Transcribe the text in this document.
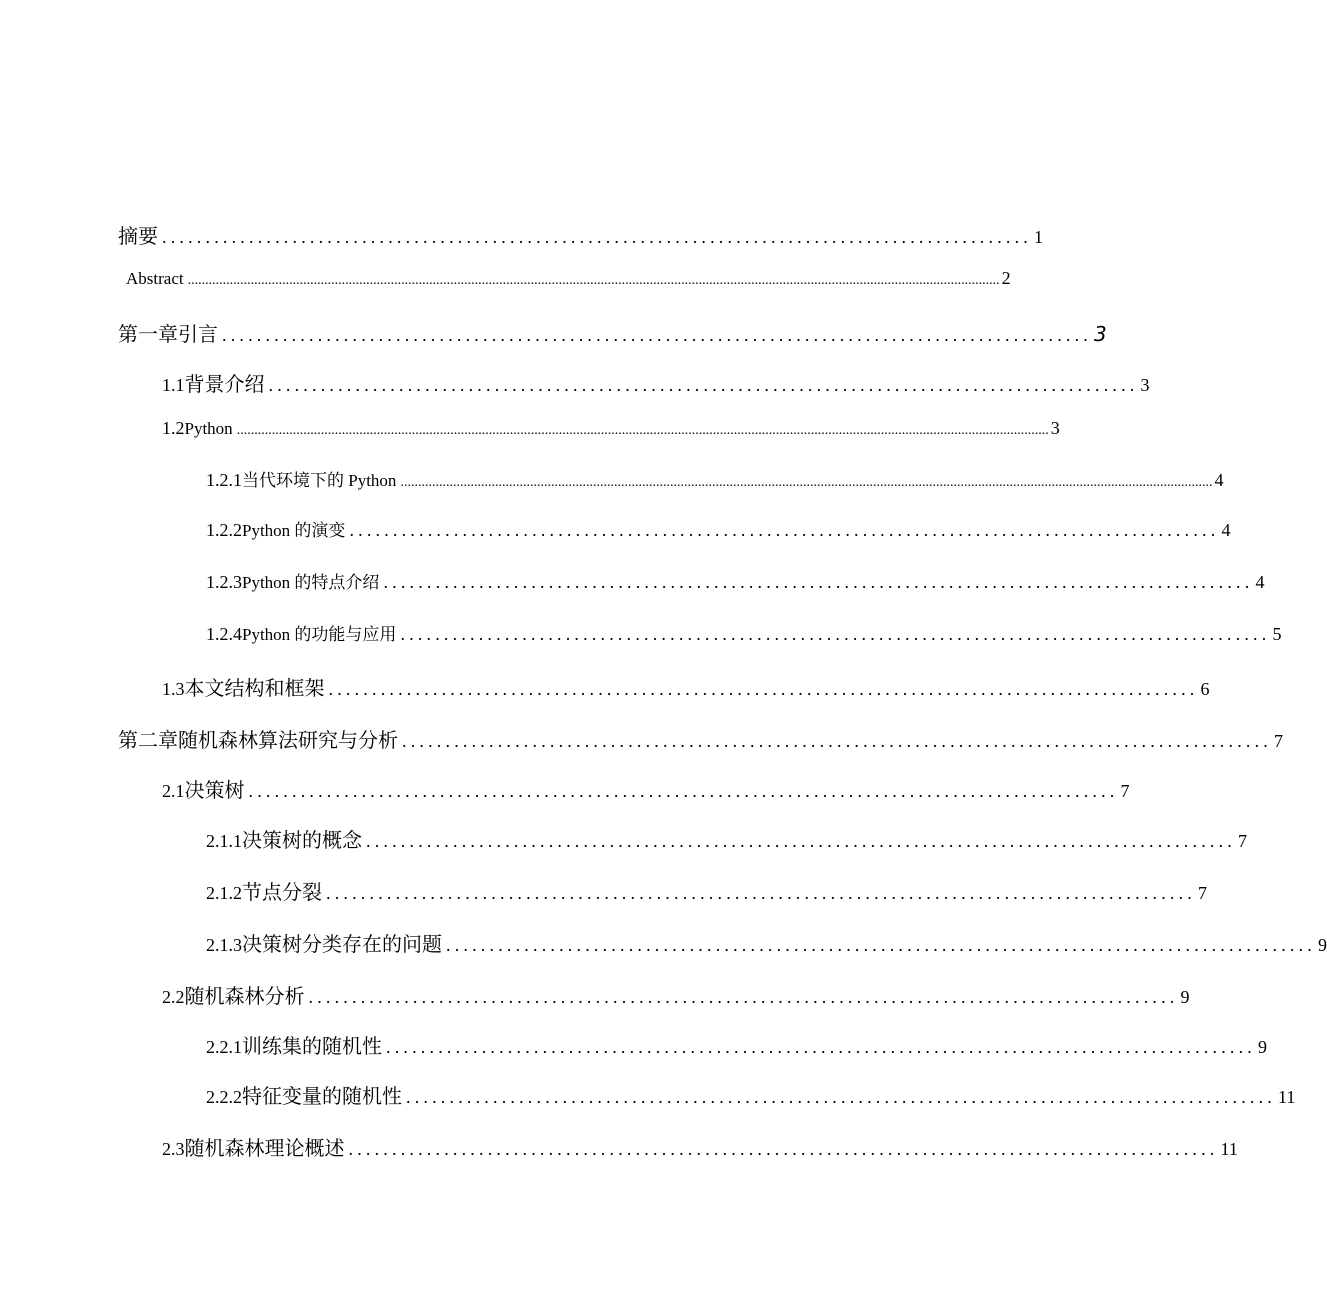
摘要 .................................................................................................... 1
Abstract ........................................................................................................................................................................................................................................ 2
第一章引言 .................................................................................................... 3
1.1 背景介绍 .................................................................................................... 3
1.2 Python ........................................................................................................................................................................................................................................ 3
1.2.1 当代环境下的 Python ........................................................................................................................................................................................................................................ 4
1.2.2 Python 的演变 .................................................................................................... 4
1.2.3 Python 的特点介绍 .................................................................................................... 4
1.2.4 Python 的功能与应用 .................................................................................................... 5
1.3 本文结构和框架 .................................................................................................... 6
第二章随机森林算法研究与分析 .................................................................................................... 7
2.1 决策树 .................................................................................................... 7
2.1.1 决策树的概念 .................................................................................................... 7
2.1.2 节点分裂 .................................................................................................... 7
2.1.3 决策树分类存在的问题 .................................................................................................... 9
2.2 随机森林分析 .................................................................................................... 9
2.2.1 训练集的随机性 .................................................................................................... 9
2.2.2 特征变量的随机性 .................................................................................................... 11
2.3 随机森林理论概述 .................................................................................................... 11
